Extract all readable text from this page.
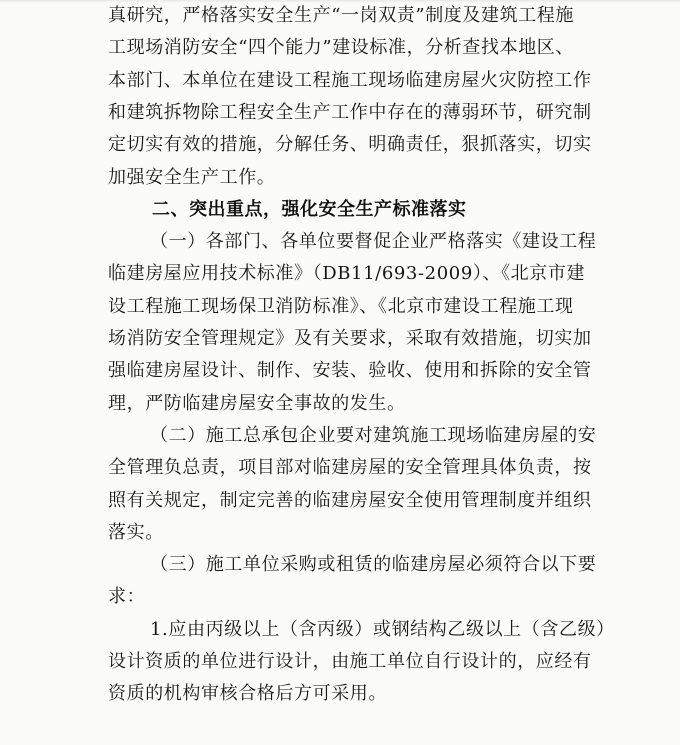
真研究，严格落实安全生产“一岗双责”制度及建筑工程施
工现场消防安全“四个能力”建设标准，分析查找本地区、
本部门、本单位在建设工程施工现场临建房屋火灾防控工作
和建筑拆物除工程安全生产工作中存在的薄弱环节，研究制
定切实有效的措施，分解任务、明确责任，狠抓落实，切实
加强安全生产工作。
二、突出重点，强化安全生产标准落实
（一）各部门、各单位要督促企业严格落实《建设工程
临建房屋应用技术标准》（DB11/693-2009）、《北京市建
设工程施工现场保卫消防标准》、《北京市建设工程施工现
场消防安全管理规定》及有关要求，采取有效措施，切实加
强临建房屋设计、制作、安装、验收、使用和拆除的安全管
理，严防临建房屋安全事故的发生。
（二）施工总承包企业要对建筑施工现场临建房屋的安
全管理负总责，项目部对临建房屋的安全管理具体负责，按
照有关规定，制定完善的临建房屋安全使用管理制度并组织
落实。
（三）施工单位采购或租赁的临建房屋必须符合以下要
求：
1.应由丙级以上（含丙级）或钢结构乙级以上（含乙级）
设计资质的单位进行设计，由施工单位自行设计的，应经有
资质的机构审核合格后方可采用。
